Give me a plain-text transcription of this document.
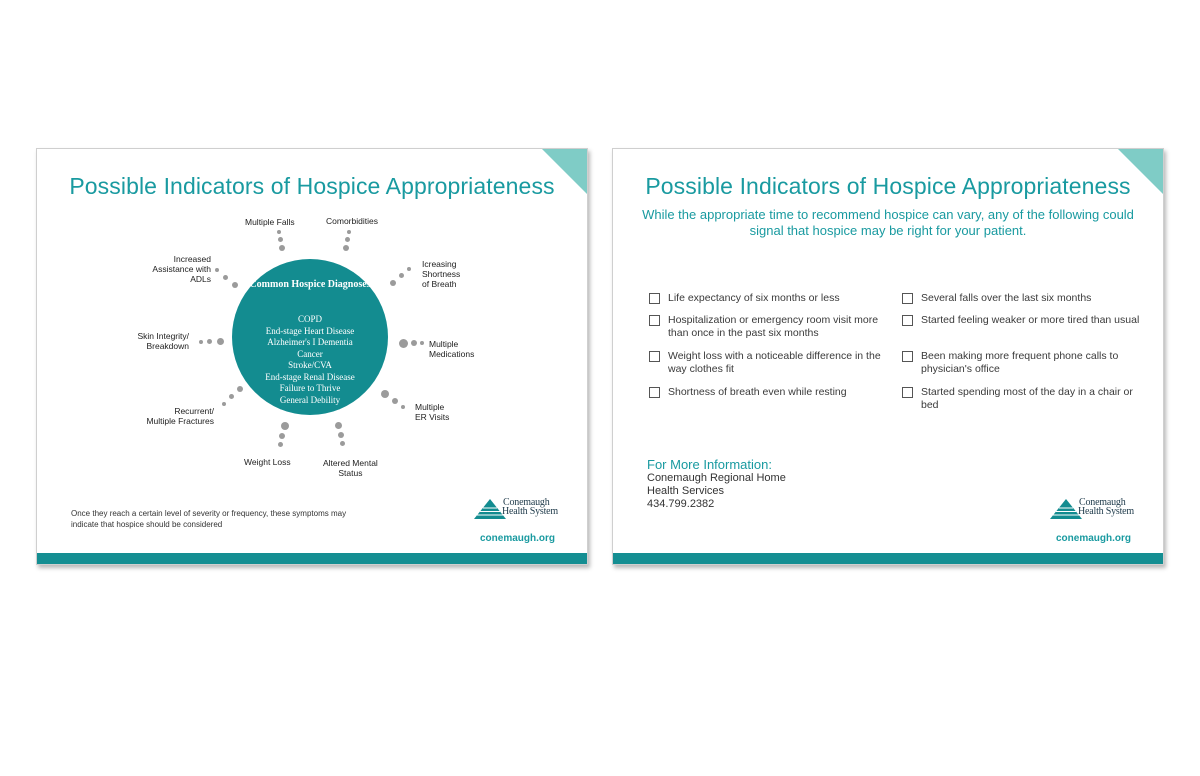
Possible Indicators of Hospice Appropriateness
Common Hospice Diagnoses
COPD
End-stage Heart Disease
Alzheimer's I Dementia
Cancer
Stroke/CVA
End-stage Renal Disease
Failure to Thrive
General Debility
Multiple Falls	Comorbidities
Icreasing
Shortness
of Breath
Multiple
Medications
Multiple
ER Visits
Altered Mental
Status
Weight Loss
Recurrent/
Multiple Fractures
Skin Integrity/
Breakdown
Increased
Assistance with
ADLs
Once they reach a certain level of severity or frequency, these symptoms may indicate that hospice should be considered
Conemaugh
Health System
conemaugh.org
Possible Indicators of Hospice Appropriateness
While the appropriate time to recommend hospice can vary, any of the following could signal that hospice may be right for your patient.
Life expectancy of six months or less
Hospitalization or emergency room visit more than once in the past six months
Weight loss with a noticeable difference in the way clothes fit
Shortness of breath even while resting
Several falls over the last six months
Started feeling weaker or more tired than usual
Been making more frequent phone calls to physician's office
Started spending most of the day in a chair or bed
For More Information:
Conemaugh Regional Home
Health Services
434.799.2382	Conemaugh
Health System
conemaugh.org
